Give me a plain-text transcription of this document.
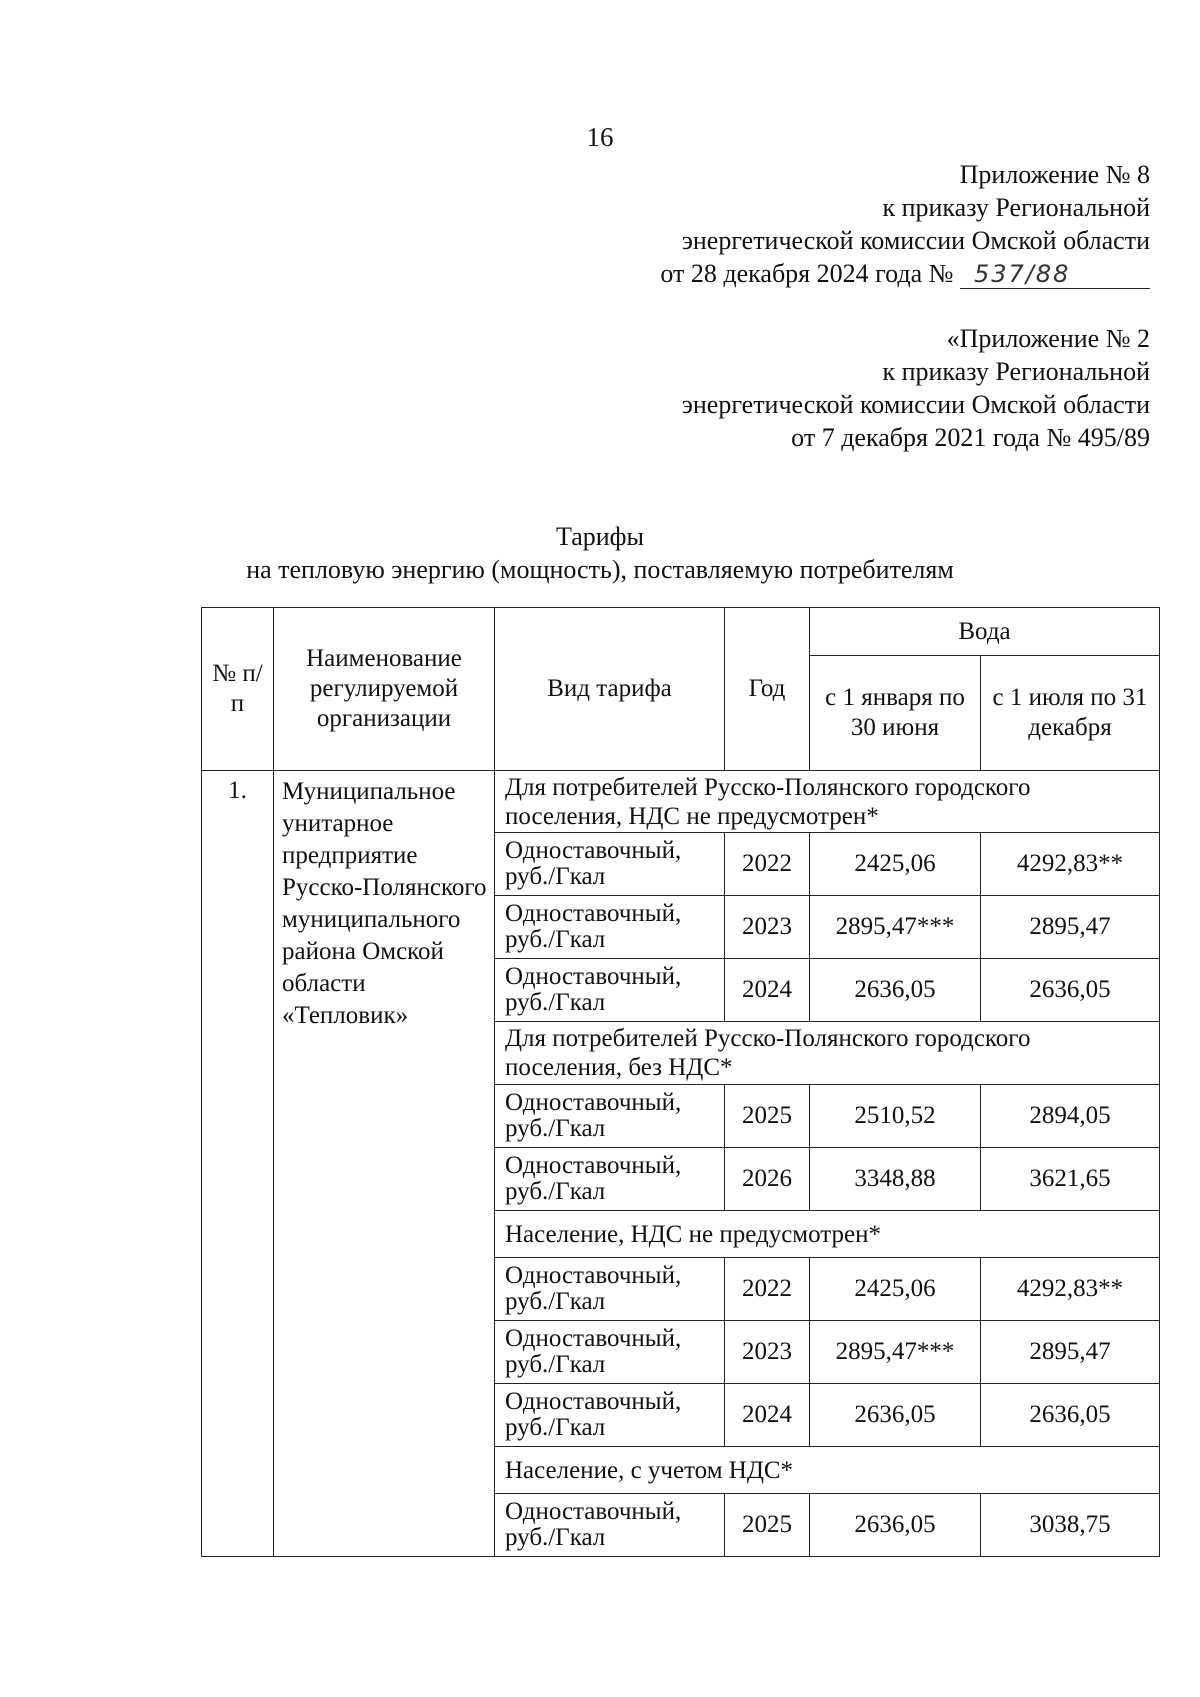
16
Приложение № 8
к приказу Региональной
энергетической комиссии Омской области
от 28 декабря 2024 года № 537/88
«Приложение № 2
к приказу Региональной
энергетической комиссии Омской области
от 7 декабря 2021 года № 495/89
Тарифы
на тепловую энергию (мощность), поставляемую потребителям
№ п/п	Наименование регулируемой организации	Вид тарифа	Год	Вода	
				с 1 января по 30 июня	с 1 июля по 31 декабря
1.	Муниципальное унитарное предприятие Русско-Полянского муниципального района Омской области «Тепловик»	Для потребителей Русско-Полянского городского поселения, НДС не предусмотрен*			
		Одноставочный, руб./Гкал	2022	2425,06	4292,83**
		Одноставочный, руб./Гкал	2023	2895,47***	2895,47
		Одноставочный, руб./Гкал	2024	2636,05	2636,05
		Для потребителей Русско-Полянского городского поселения, без НДС*			
		Одноставочный, руб./Гкал	2025	2510,52	2894,05
		Одноставочный, руб./Гкал	2026	3348,88	3621,65
		Население, НДС не предусмотрен*			
		Одноставочный, руб./Гкал	2022	2425,06	4292,83**
		Одноставочный, руб./Гкал	2023	2895,47***	2895,47
		Одноставочный, руб./Гкал	2024	2636,05	2636,05
		Население, с учетом НДС*			
		Одноставочный, руб./Гкал	2025	2636,05	3038,75
